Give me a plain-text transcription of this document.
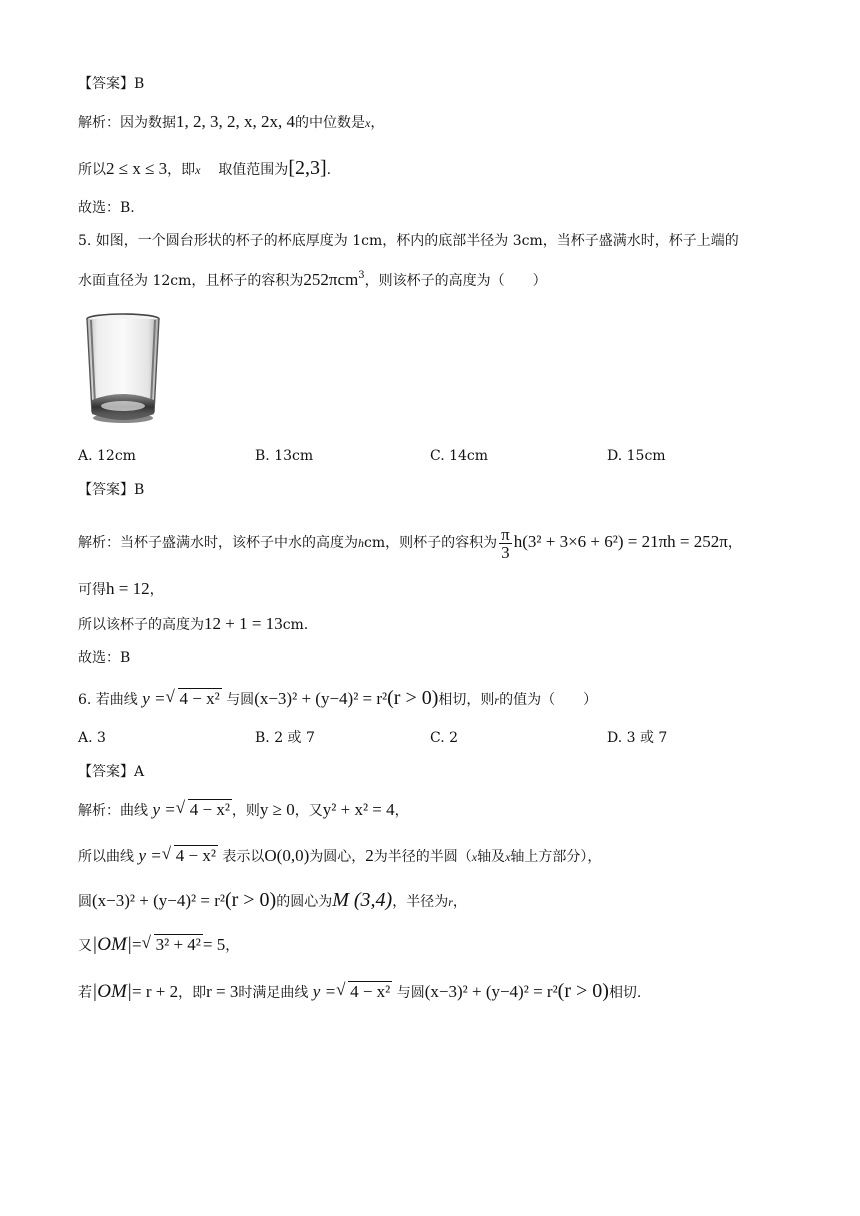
【答案】B
解析：因为数据1, 2, 3, 2, x, 2x, 4的中位数是x，
所以2 ≤ x ≤ 3，即x 取值范围为[2,3].
故选：B.
5. 如图，一个圆台形状的杯子的杯底厚度为 1cm，杯内的底部半径为 3cm，当杯子盛满水时，杯子上端的
水面直径为 12cm，且杯子的容积为252πcm$^3$，则该杯子的高度为（　　）
A. 12cm	B. 13cm	C. 14cm	D. 15cm
【答案】B
解析：当杯子盛满水时，该杯子中水的高度为hcm，则杯子的容积为 $\frac{\pi}{3} h(3^2 + 3\times 6 + 6^2) = 21\pi h = 252\pi$，
可得h = 12，
所以该杯子的高度为12 + 1 = 13cm.
故选：B
6. 若曲线 y = √ 4 − x² 与圆(x−3)² + (y−4)² = r²(r > 0)相切，则r的值为（　　）
A. 3	B. 2 或 7	C. 2	D. 3 或 7
【答案】A
解析：曲线 y = √ 4 − x² ，则y ≥ 0，又y² + x² = 4，
所以曲线 y = √ 4 − x² 表示以O(0,0)为圆心，2为半径的半圆（x轴及x轴上方部分），
圆(x−3)² + (y−4)² = r²(r > 0)的圆心为M (3,4)，半径为r，
又|OM|= √ 3² + 4² = 5，
若|OM|= r + 2，即r = 3时满足曲线 y = √ 4 − x² 与圆(x−3)² + (y−4)² = r²(r > 0)相切.
